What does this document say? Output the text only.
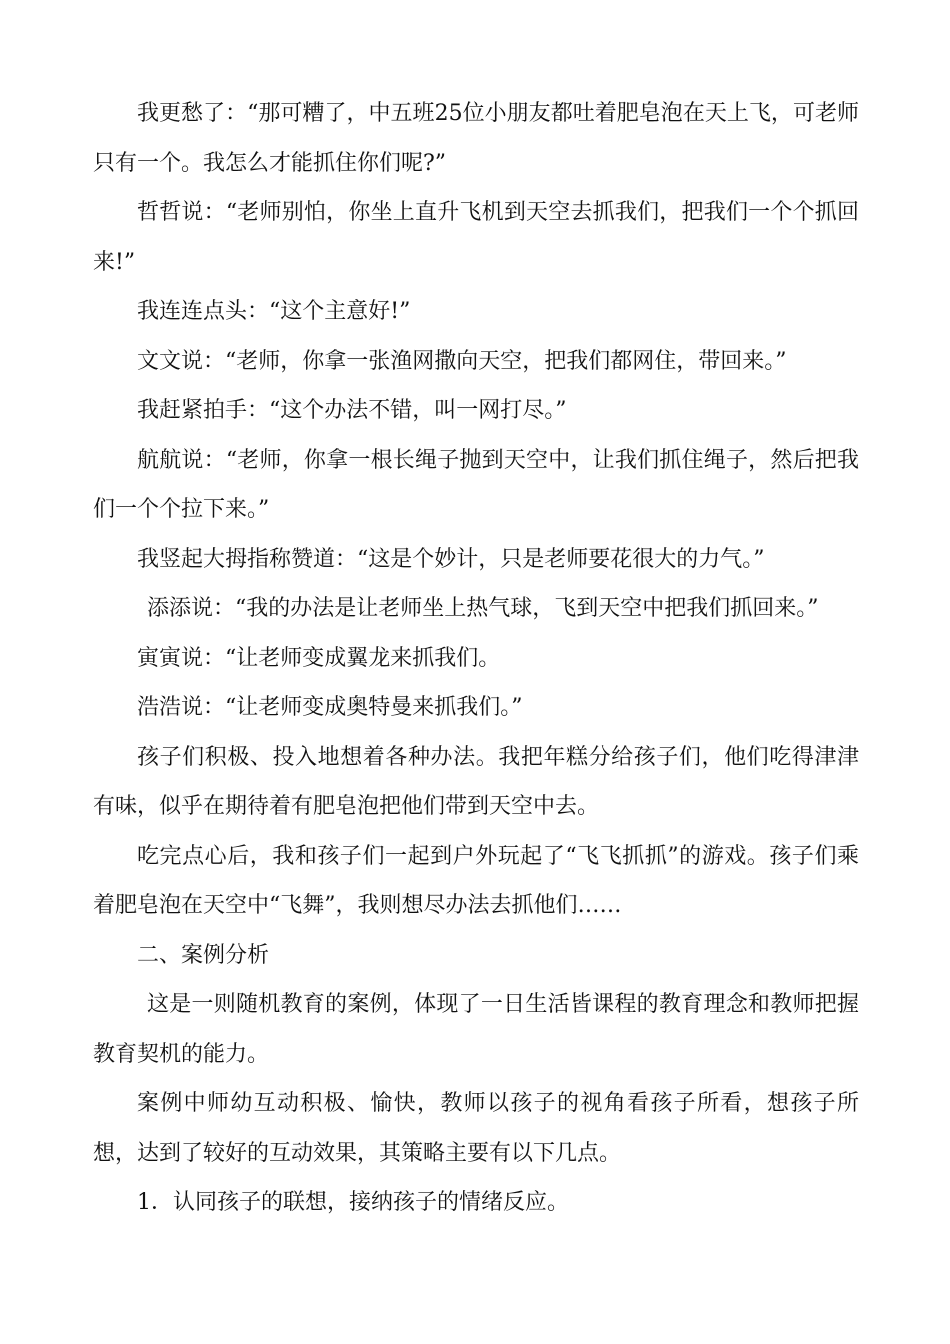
我更愁了：“那可糟了，中五班25位小朋友都吐着肥皂泡在天上飞，可老师只有一个。我怎么才能抓住你们呢?”

哲哲说：“老师别怕，你坐上直升飞机到天空去抓我们，把我们一个个抓回来!”

我连连点头：“这个主意好!”

文文说：“老师，你拿一张渔网撒向天空，把我们都网住，带回来。”

我赶紧拍手：“这个办法不错，叫一网打尽。”

航航说：“老师，你拿一根长绳子抛到天空中，让我们抓住绳子，然后把我们一个个拉下来。”

我竖起大拇指称赞道：“这是个妙计，只是老师要花很大的力气。”

添添说：“我的办法是让老师坐上热气球，飞到天空中把我们抓回来。”

寅寅说：“让老师变成翼龙来抓我们。

浩浩说：“让老师变成奥特曼来抓我们。”

孩子们积极、投入地想着各种办法。我把年糕分给孩子们，他们吃得津津有味，似乎在期待着有肥皂泡把他们带到天空中去。

吃完点心后，我和孩子们一起到户外玩起了“飞飞抓抓”的游戏。孩子们乘着肥皂泡在天空中“飞舞”，我则想尽办法去抓他们……

二、案例分析

这是一则随机教育的案例，体现了一日生活皆课程的教育理念和教师把握教育契机的能力。

案例中师幼互动积极、愉快，教师以孩子的视角看孩子所看，想孩子所想，达到了较好的互动效果，其策略主要有以下几点。

1．认同孩子的联想，接纳孩子的情绪反应。
